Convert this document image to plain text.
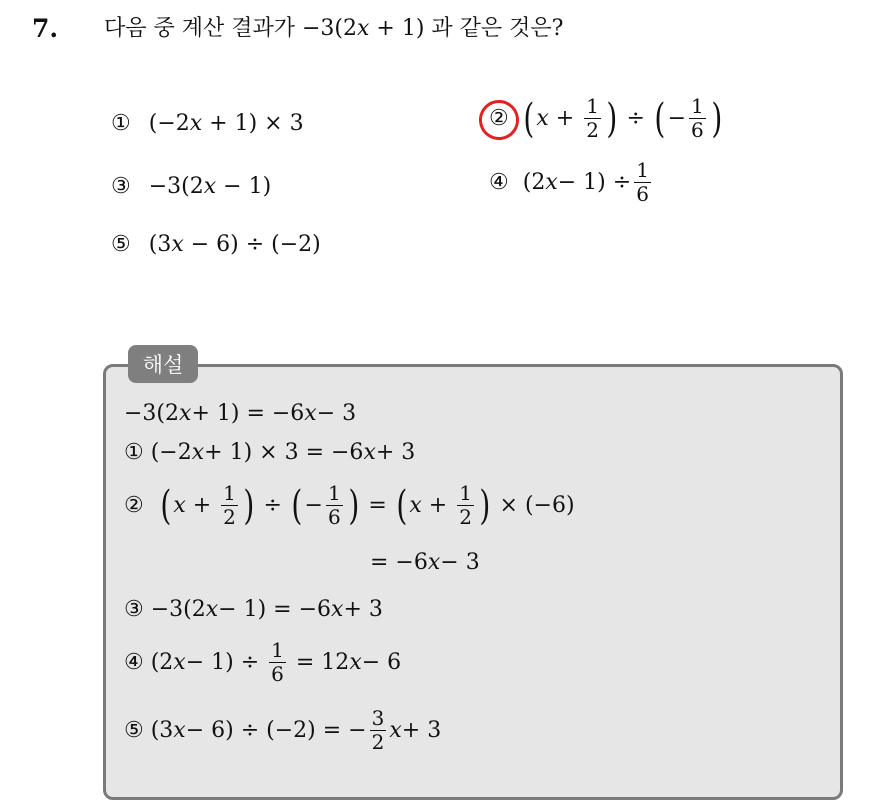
7. 다음 중 계산 결과가 −3(2x + 1) 과 같은 것은?
① (−2x + 1) × 3	② ( $x + \frac{1}{2}$ ) ÷ ( − $\frac{1}{6}$ )
③ −3(2x − 1)	④ (2 $x - 1) \div \frac{1}{6}$
⑤ (3x − 6) ÷ (−2)
해설
−3(2 x + 1) = −6 x − 3
① (−2 x + 1) × 3 = −6 x + 3
② ( $x + \frac{1}{2}$ ) ÷ ( − $\frac{1}{6}$ ) = ( $x + \frac{1}{2}$ ) × (−6)
= −6 x − 3
③ −3(2 x − 1) = −6 x + 3
④ (2 $x - 1) \div \frac{1}{6} = 12$ x − 6
⑤ (3 x − 6) ÷ (−2) = − $\frac{3}{2}$ x + 3
